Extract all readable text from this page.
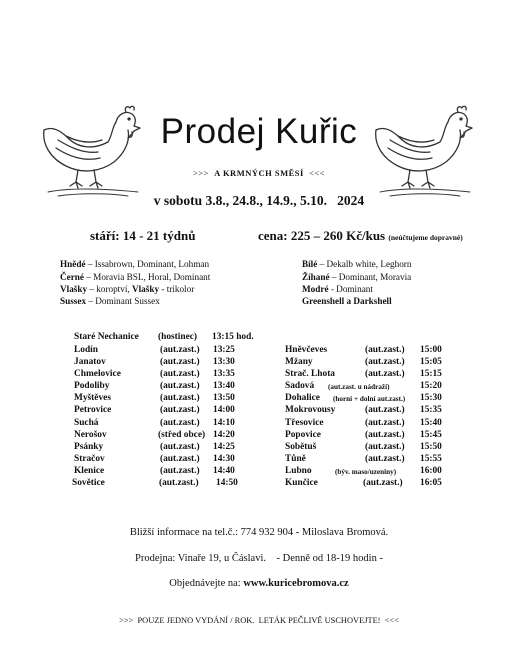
Prodej Kuřic
>>> A KRMNÝCH SMĚSÍ <<<
v sobotu 3.8., 24.8., 14.9., 5.10.   2024
stáří: 14 - 21 týdnů	cena: 225 – 260 Kč/kus (neúčtujeme dopravné)
Hnědé – Issabrown, Dominant, Lohman
Černé – Moravia BSL, Horal, Dominant
Vlašky – koroptví, Vlašky - trikolor
Sussex – Dominant Sussex
Bílé – Dekalb white, Leghorn
Žíhané – Dominant, Moravia
Modré - Dominant
Greenshell a Darkshell
Staré Nechanice (hostinec) 13:15 hod.
Lodín	(aut.zast.) 13:25
Janatov	(aut.zast.) 13:30
Chmelovice	(aut.zast.) 13:35
Podoliby	(aut.zast.) 13:40
Myštěves	(aut.zast.) 13:50
Petrovice	(aut.zast.) 14:00
Suchá	(aut.zast.) 14:10
Nerošov	(střed obce) 14:20
Psánky	(aut.zast.) 14:25
Stračov	(aut.zast.) 14:30
Klenice	(aut.zast.) 14:40
Sovětice	(aut.zast.) 14:50
Hněvčeves	(aut.zast.) 15:00
Mžany	(aut.zast.) 15:05
Strač. Lhota	(aut.zast.) 15:15
Sadová (aut.zast. u nádraží)	15:20
Dohalice (horní + dolní aut.zast.) 15:30
Mokrovousy	(aut.zast.) 15:35
Třesovice	(aut.zast.) 15:40
Popovice	(aut.zast.) 15:45
Sobětuš	(aut.zast.) 15:50
Tůně	(aut.zast.) 15:55
Lubno	(býv. maso/uzeniny)	16:00
Kunčice	(aut.zast.) 16:05
Bližší informace na tel.č.: 774 932 904 - Miloslava Bromová.
Prodejna: Vinaře 19, u Čáslavi.    - Denně od 18-19 hodin -
Objednávejte na: www.kuricebromova.cz
>>>  POUZE JEDNO VYDÁNÍ / ROK.  LETÁK PEČLIVĚ USCHOVEJTE!  <<<
